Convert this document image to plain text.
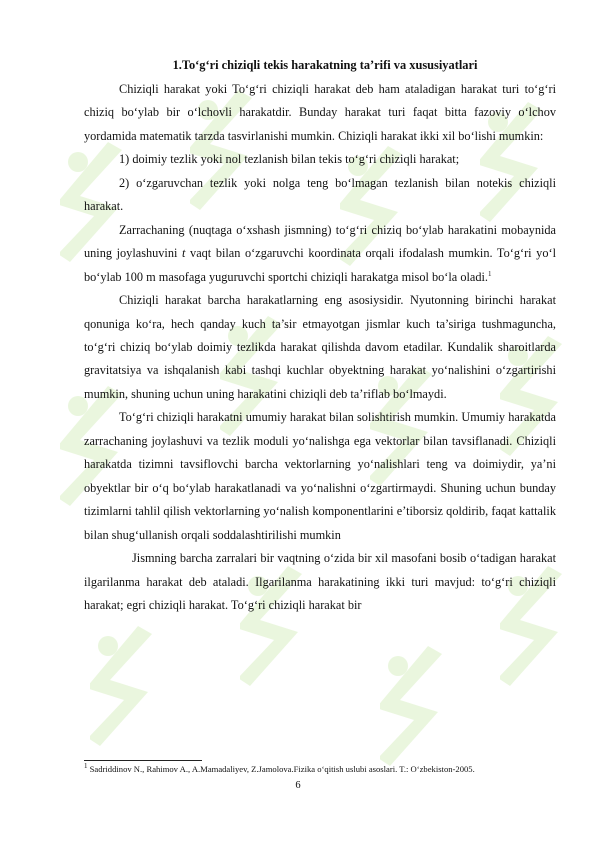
1.To‘g‘ri chiziqli tekis harakatning ta’rifi va xususiyatlari

Chiziqli harakat yoki To‘g‘ri chiziqli harakat deb ham ataladigan harakat turi to‘g‘ri chiziq bo‘ylab bir o‘lchovli harakatdir. Bunday harakat turi faqat bitta fazoviy o‘lchov yordamida matematik tarzda tasvirlanishi mumkin. Chiziqli harakat ikki xil bo‘lishi mumkin:

1) doimiy tezlik yoki nol tezlanish bilan tekis to‘g‘ri chiziqli harakat;

2) o‘zgaruvchan tezlik yoki nolga teng bo‘lmagan tezlanish bilan notekis chiziqli harakat.

Zarrachaning (nuqtaga o‘xshash jismning) to‘g‘ri chiziq bo‘ylab harakatini mobaynida uning joylashuvini t vaqt bilan o‘zgaruvchi koordinata orqali ifodalash mumkin. To‘g‘ri yo‘l bo‘ylab 100 m masofaga yuguruvchi sportchi chiziqli harakatga misol bo‘la oladi.$^1$

Chiziqli harakat barcha harakatlarning eng asosiysidir. Nyutonning birinchi harakat qonuniga ko‘ra, hech qanday kuch ta’sir etmayotgan jismlar kuch ta’siriga tushmaguncha, to‘g‘ri chiziq bo‘ylab doimiy tezlikda harakat qilishda davom etadilar. Kundalik sharoitlarda gravitatsiya va ishqalanish kabi tashqi kuchlar obyektning harakat yo‘nalishini o‘zgartirishi mumkin, shuning uchun uning harakatini chiziqli deb ta’riflab bo‘lmaydi.

To‘g‘ri chiziqli harakatni umumiy harakat bilan solishtirish mumkin. Umumiy harakatda zarrachaning joylashuvi va tezlik moduli yo‘nalishga ega vektorlar bilan tavsiflanadi. Chiziqli harakatda tizimni tavsiflovchi barcha vektorlarning yo‘nalishlari teng va doimiydir, ya’ni obyektlar bir o‘q bo‘ylab harakatlanadi va yo‘nalishni o‘zgartirmaydi. Shuning uchun bunday tizimlarni tahlil qilish vektorlarning yo‘nalish komponentlarini e’tiborsiz qoldirib, faqat kattalik bilan shug‘ullanish orqali soddalashtirilishi mumkin

Jismning barcha zarralari bir vaqtning o‘zida bir xil masofani bosib o‘tadigan harakat ilgarilanma harakat deb ataladi. Ilgarilanma harakatining ikki turi mavjud: to‘g‘ri chiziqli harakat; egri chiziqli harakat. To‘g‘ri chiziqli harakat bir

$^1$ Sadriddinov N., Rahimov A., A.Mamadaliyev, Z.Jamolova.Fizika o‘qitish uslubi asoslari. T.: O‘zbekiston-2005.
6
